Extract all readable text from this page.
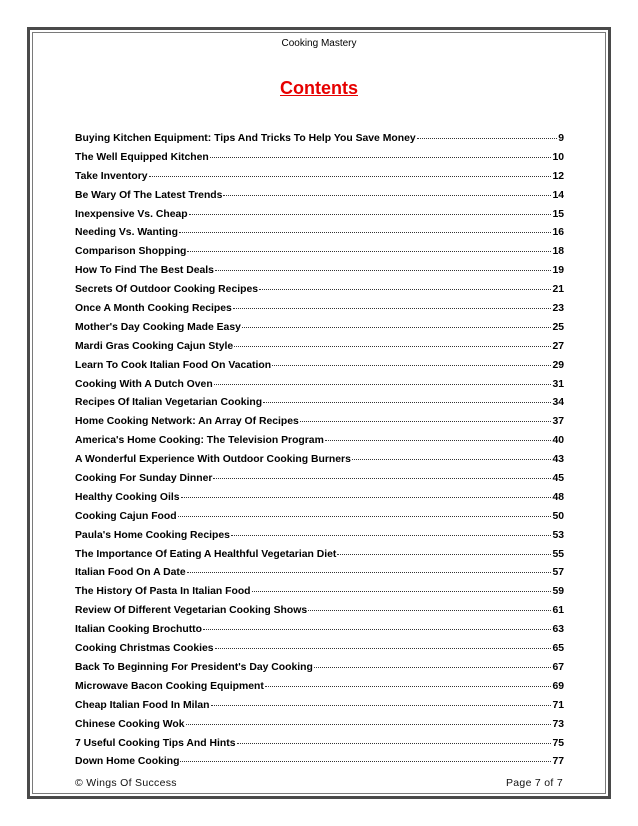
Cooking Mastery
Contents
Buying Kitchen Equipment: Tips And Tricks To Help You Save Money	9
The Well Equipped Kitchen	10
Take Inventory	12
Be Wary Of The Latest Trends	14
Inexpensive Vs. Cheap	15
Needing Vs. Wanting	16
Comparison Shopping	18
How To Find The Best Deals	19
Secrets Of Outdoor Cooking Recipes	21
Once A Month Cooking Recipes	23
Mother's Day Cooking Made Easy	25
Mardi Gras Cooking Cajun Style	27
Learn To Cook Italian Food On Vacation	29
Cooking With A Dutch Oven	31
Recipes Of Italian Vegetarian Cooking	34
Home Cooking Network: An Array Of Recipes	37
America's Home Cooking: The Television Program	40
A Wonderful Experience With Outdoor Cooking Burners	43
Cooking For Sunday Dinner	45
Healthy Cooking Oils	48
Cooking Cajun Food	50
Paula's Home Cooking Recipes	53
The Importance Of Eating A Healthful Vegetarian Diet	55
Italian Food On A Date	57
The History Of Pasta In Italian Food	59
Review Of Different Vegetarian Cooking Shows	61
Italian Cooking Brochutto	63
Cooking Christmas Cookies	65
Back To Beginning For President's Day Cooking	67
Microwave Bacon Cooking Equipment	69
Cheap Italian Food In Milan	71
Chinese Cooking Wok	73
7 Useful Cooking Tips And Hints	75
Down Home Cooking	77
© Wings Of Success	Page 7 of 7
